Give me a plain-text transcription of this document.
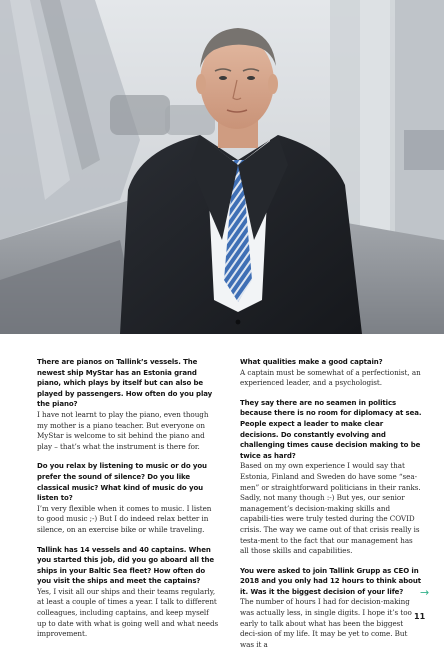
There are pianos on Tallink’s vessels. The newest ship MyStar has an Estonia grand piano, which plays by itself but can also be played by passengers. How often do you play the piano?
I have not learnt to play the piano, even though my mother is a piano teacher. But everyone on MyStar is welcome to sit behind the piano and play – that’s what the instrument is there for.
Do you relax by listening to music or do you prefer the sound of silence? Do you like classical music? What kind of music do you listen to?
I’m very flexible when it comes to music. I listen to good music ;-) But I do indeed relax better in silence, on an exercise bike or while traveling.
Tallink has 14 vessels and 40 captains. When you started this job, did you go aboard all the ships in your Baltic Sea fleet? How often do you visit the ships and meet the captains?
Yes, I visit all our ships and their teams regularly, at least a couple of times a year. I talk to different colleagues, including captains, and keep myself up to date with what is going well and what needs improvement.
What qualities make a good captain?
A captain must be somewhat of a perfectionist, an experienced leader, and a psychologist.
They say there are no seamen in politics because there is no room for diplomacy at sea. People expect a leader to make clear decisions. Do constantly evolving and challenging times cause decision making to be twice as hard?
Based on my own experience I would say that Estonia, Finland and Sweden do have some “sea-men” or straightforward politicians in their ranks. Sadly, not many though :-) But yes, our senior management’s decision-making skills and capabili-ties were truly tested during the COVID crisis. The way we came out of that crisis really is testa-ment to the fact that our management has all those skills and capabilities.
You were asked to join Tallink Grupp as CEO in 2018 and you only had 12 hours to think about it. Was it the biggest decision of your life?
The number of hours I had for decision-making was actually less, in single digits. I hope it’s too early to talk about what has been the biggest deci-sion of my life. It may be yet to come. But was it a
→
11
